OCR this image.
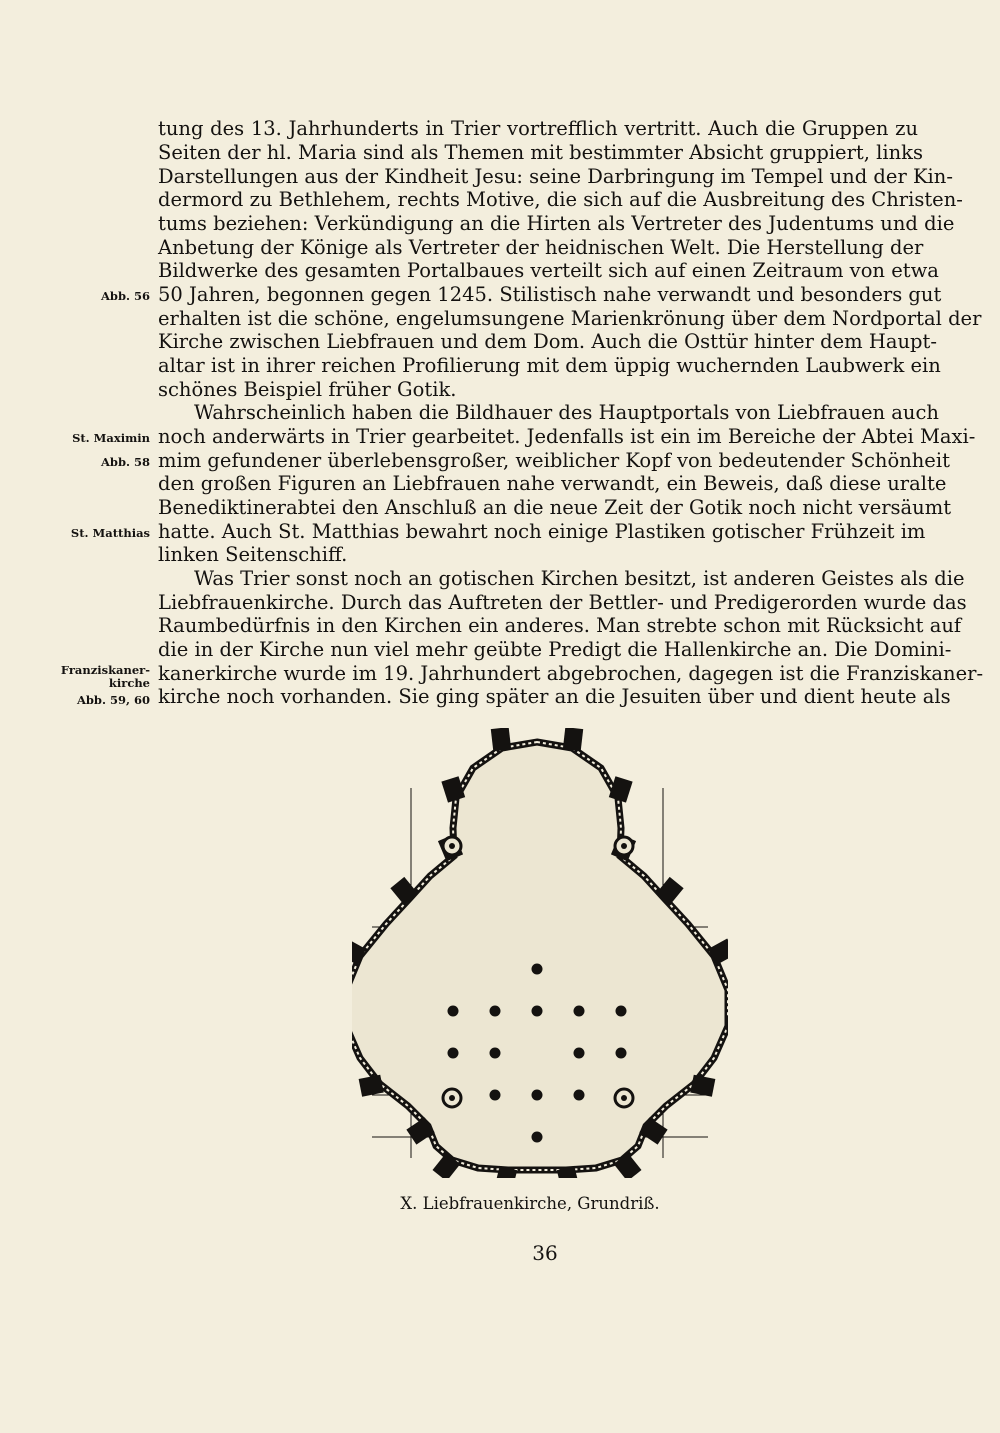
tung des 13. Jahrhunderts in Trier vortrefflich vertritt. Auch die Gruppen zu
Seiten der hl. Maria sind als Themen mit bestimmter Absicht gruppiert, links
Darstellungen aus der Kindheit Jesu: seine Darbringung im Tempel und der Kin-
dermord zu Bethlehem, rechts Motive, die sich auf die Ausbreitung des Christen-
tums beziehen: Verkündigung an die Hirten als Vertreter des Judentums und die
Anbetung der Könige als Vertreter der heidnischen Welt. Die Herstellung der
Bildwerke des gesamten Portalbaues verteilt sich auf einen Zeitraum von etwa
50 Jahren, begonnen gegen 1245. Stilistisch nahe verwandt und besonders gut
erhalten ist die schöne, engelumsungene Marienkrönung über dem Nordportal der
Kirche zwischen Liebfrauen und dem Dom. Auch die Osttür hinter dem Haupt-
altar ist in ihrer reichen Profilierung mit dem üppig wuchernden Laubwerk ein
schönes Beispiel früher Gotik.
Wahrscheinlich haben die Bildhauer des Hauptportals von Liebfrauen auch
noch anderwärts in Trier gearbeitet. Jedenfalls ist ein im Bereiche der Abtei Maxi-
mim gefundener überlebensgroßer, weiblicher Kopf von bedeutender Schönheit
den großen Figuren an Liebfrauen nahe verwandt, ein Beweis, daß diese uralte
Benediktinerabtei den Anschluß an die neue Zeit der Gotik noch nicht versäumt
hatte. Auch St. Matthias bewahrt noch einige Plastiken gotischer Frühzeit im
linken Seitenschiff.
Was Trier sonst noch an gotischen Kirchen besitzt, ist anderen Geistes als die
Liebfrauenkirche. Durch das Auftreten der Bettler- und Predigerorden wurde das
Raumbedürfnis in den Kirchen ein anderes. Man strebte schon mit Rücksicht auf
die in der Kirche nun viel mehr geübte Predigt die Hallenkirche an. Die Domini-
kanerkirche wurde im 19. Jahrhundert abgebrochen, dagegen ist die Franziskaner-
kirche noch vorhanden. Sie ging später an die Jesuiten über und dient heute als
Abb. 56
St. Maximin
Abb. 58
St. Matthias
Franziskaner-
kirche
Abb. 59, 60
X. Liebfrauenkirche, Grundriß.
36
